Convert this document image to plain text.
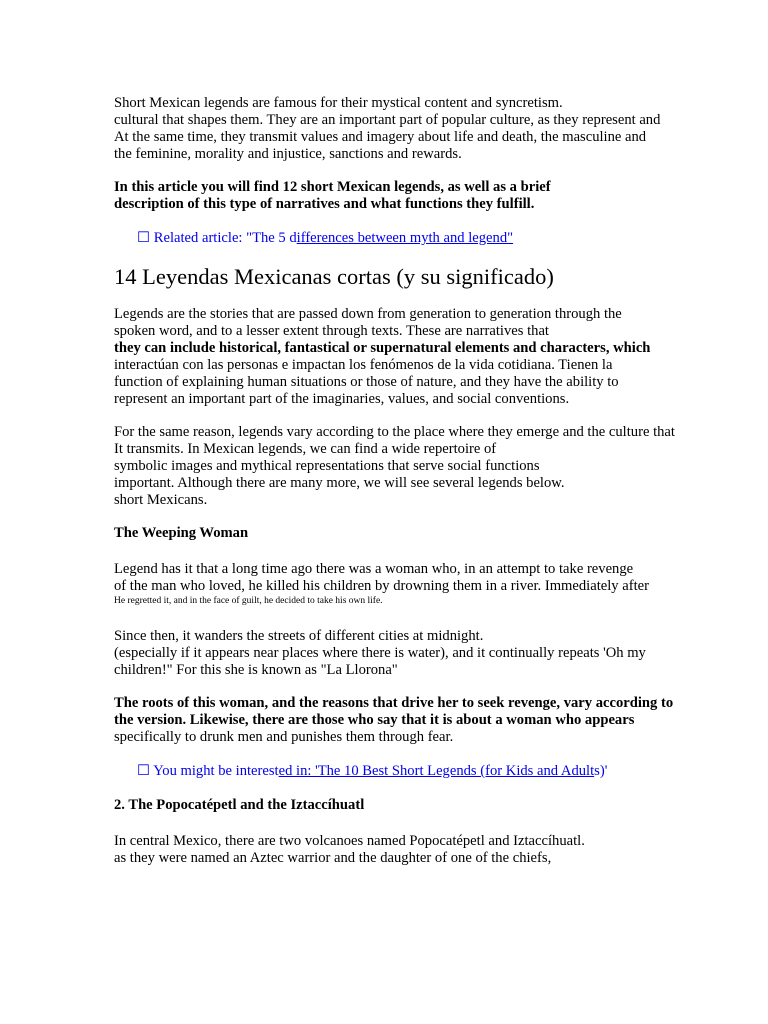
Short Mexican legends are famous for their mystical content and syncretism.
cultural that shapes them. They are an important part of popular culture, as they represent and
At the same time, they transmit values and imagery about life and death, the masculine and
the feminine, morality and injustice, sanctions and rewards.
In this article you will find 12 short Mexican legends, as well as a brief
description of this type of narratives and what functions they fulfill.
☐ Related article: "The 5 differences between myth and legend"
14 Leyendas Mexicanas cortas (y su significado)
Legends are the stories that are passed down from generation to generation through the
spoken word, and to a lesser extent through texts. These are narratives that
they can include historical, fantastical or supernatural elements and characters, which
interactúan con las personas e impactan los fenómenos de la vida cotidiana. Tienen la
function of explaining human situations or those of nature, and they have the ability to
represent an important part of the imaginaries, values, and social conventions.
For the same reason, legends vary according to the place where they emerge and the culture that
It transmits. In Mexican legends, we can find a wide repertoire of
symbolic images and mythical representations that serve social functions
important. Although there are many more, we will see several legends below.
short Mexicans.
The Weeping Woman
Legend has it that a long time ago there was a woman who, in an attempt to take revenge
of the man who loved, he killed his children by drowning them in a river. Immediately after
He regretted it, and in the face of guilt, he decided to take his own life.
Since then, it wanders the streets of different cities at midnight.
(especially if it appears near places where there is water), and it continually repeats 'Oh my
children!" For this she is known as "La Llorona"
The roots of this woman, and the reasons that drive her to seek revenge, vary according to
the version. Likewise, there are those who say that it is about a woman who appears
specifically to drunk men and punishes them through fear.
☐ You might be interested in: 'The 10 Best Short Legends (for Kids and Adults)'
2. The Popocatépetl and the Iztaccíhuatl
In central Mexico, there are two volcanoes named Popocatépetl and Iztaccíhuatl.
as they were named an Aztec warrior and the daughter of one of the chiefs,
